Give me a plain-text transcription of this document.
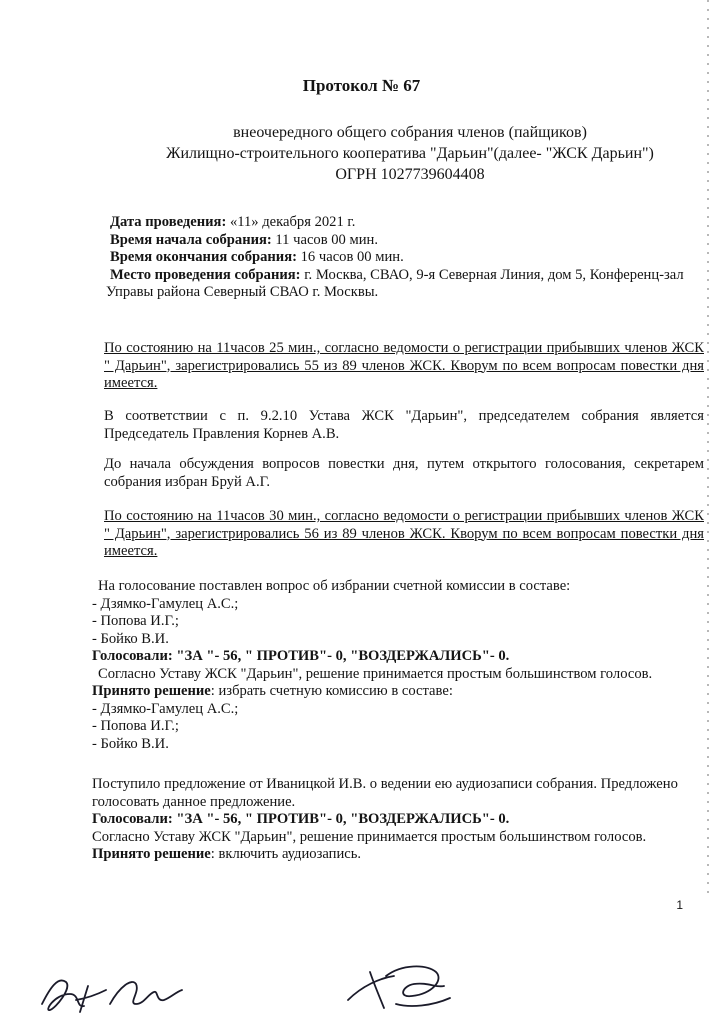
Протокол № 67
внеочередного общего собрания членов (пайщиков)
Жилищно-строительного кооператива "Дарьин"(далее- "ЖСК Дарьин")
ОГРН 1027739604408
Дата проведения: «11» декабря 2021 г.
Время начала собрания: 11 часов 00 мин.
Время окончания собрания: 16 часов 00 мин.
Место проведения собрания: г. Москва, СВАО, 9-я Северная Линия, дом 5, Конференц-зал
Управы района Северный СВАО г. Москвы.
По состоянию на 11часов 25 мин., согласно ведомости о регистрации прибывших членов ЖСК
" Дарьин", зарегистрировались 55 из 89 членов ЖСК. Кворум по всем вопросам повестки дня
имеется.
В соответствии с п. 9.2.10 Устава ЖСК "Дарьин", председателем собрания является
Председатель Правления Корнев А.В.
До начала обсуждения вопросов повестки дня, путем открытого голосования, секретарем
собрания избран Бруй А.Г.
По состоянию на 11часов 30 мин., согласно ведомости о регистрации прибывших членов ЖСК
" Дарьин", зарегистрировались 56 из 89 членов ЖСК. Кворум по всем вопросам повестки дня
имеется.
На голосование поставлен вопрос об избрании счетной комиссии в составе:
- Дзямко-Гамулец А.С.;
- Попова И.Г.;
- Бойко В.И.
Голосовали: "ЗА "- 56, " ПРОТИВ"- 0, "ВОЗДЕРЖАЛИСЬ"- 0.
Согласно Уставу ЖСК "Дарьин", решение принимается простым большинством голосов.
Принято решение: избрать счетную комиссию в составе:
- Дзямко-Гамулец А.С.;
- Попова И.Г.;
- Бойко В.И.
Поступило предложение от Иваницкой И.В. о ведении ею аудиозаписи собрания. Предложено
голосовать данное предложение.
Голосовали: "ЗА "- 56, " ПРОТИВ"- 0, "ВОЗДЕРЖАЛИСЬ"- 0.
Согласно Уставу ЖСК "Дарьин", решение принимается простым большинством голосов.
Принято решение: включить аудиозапись.
1
